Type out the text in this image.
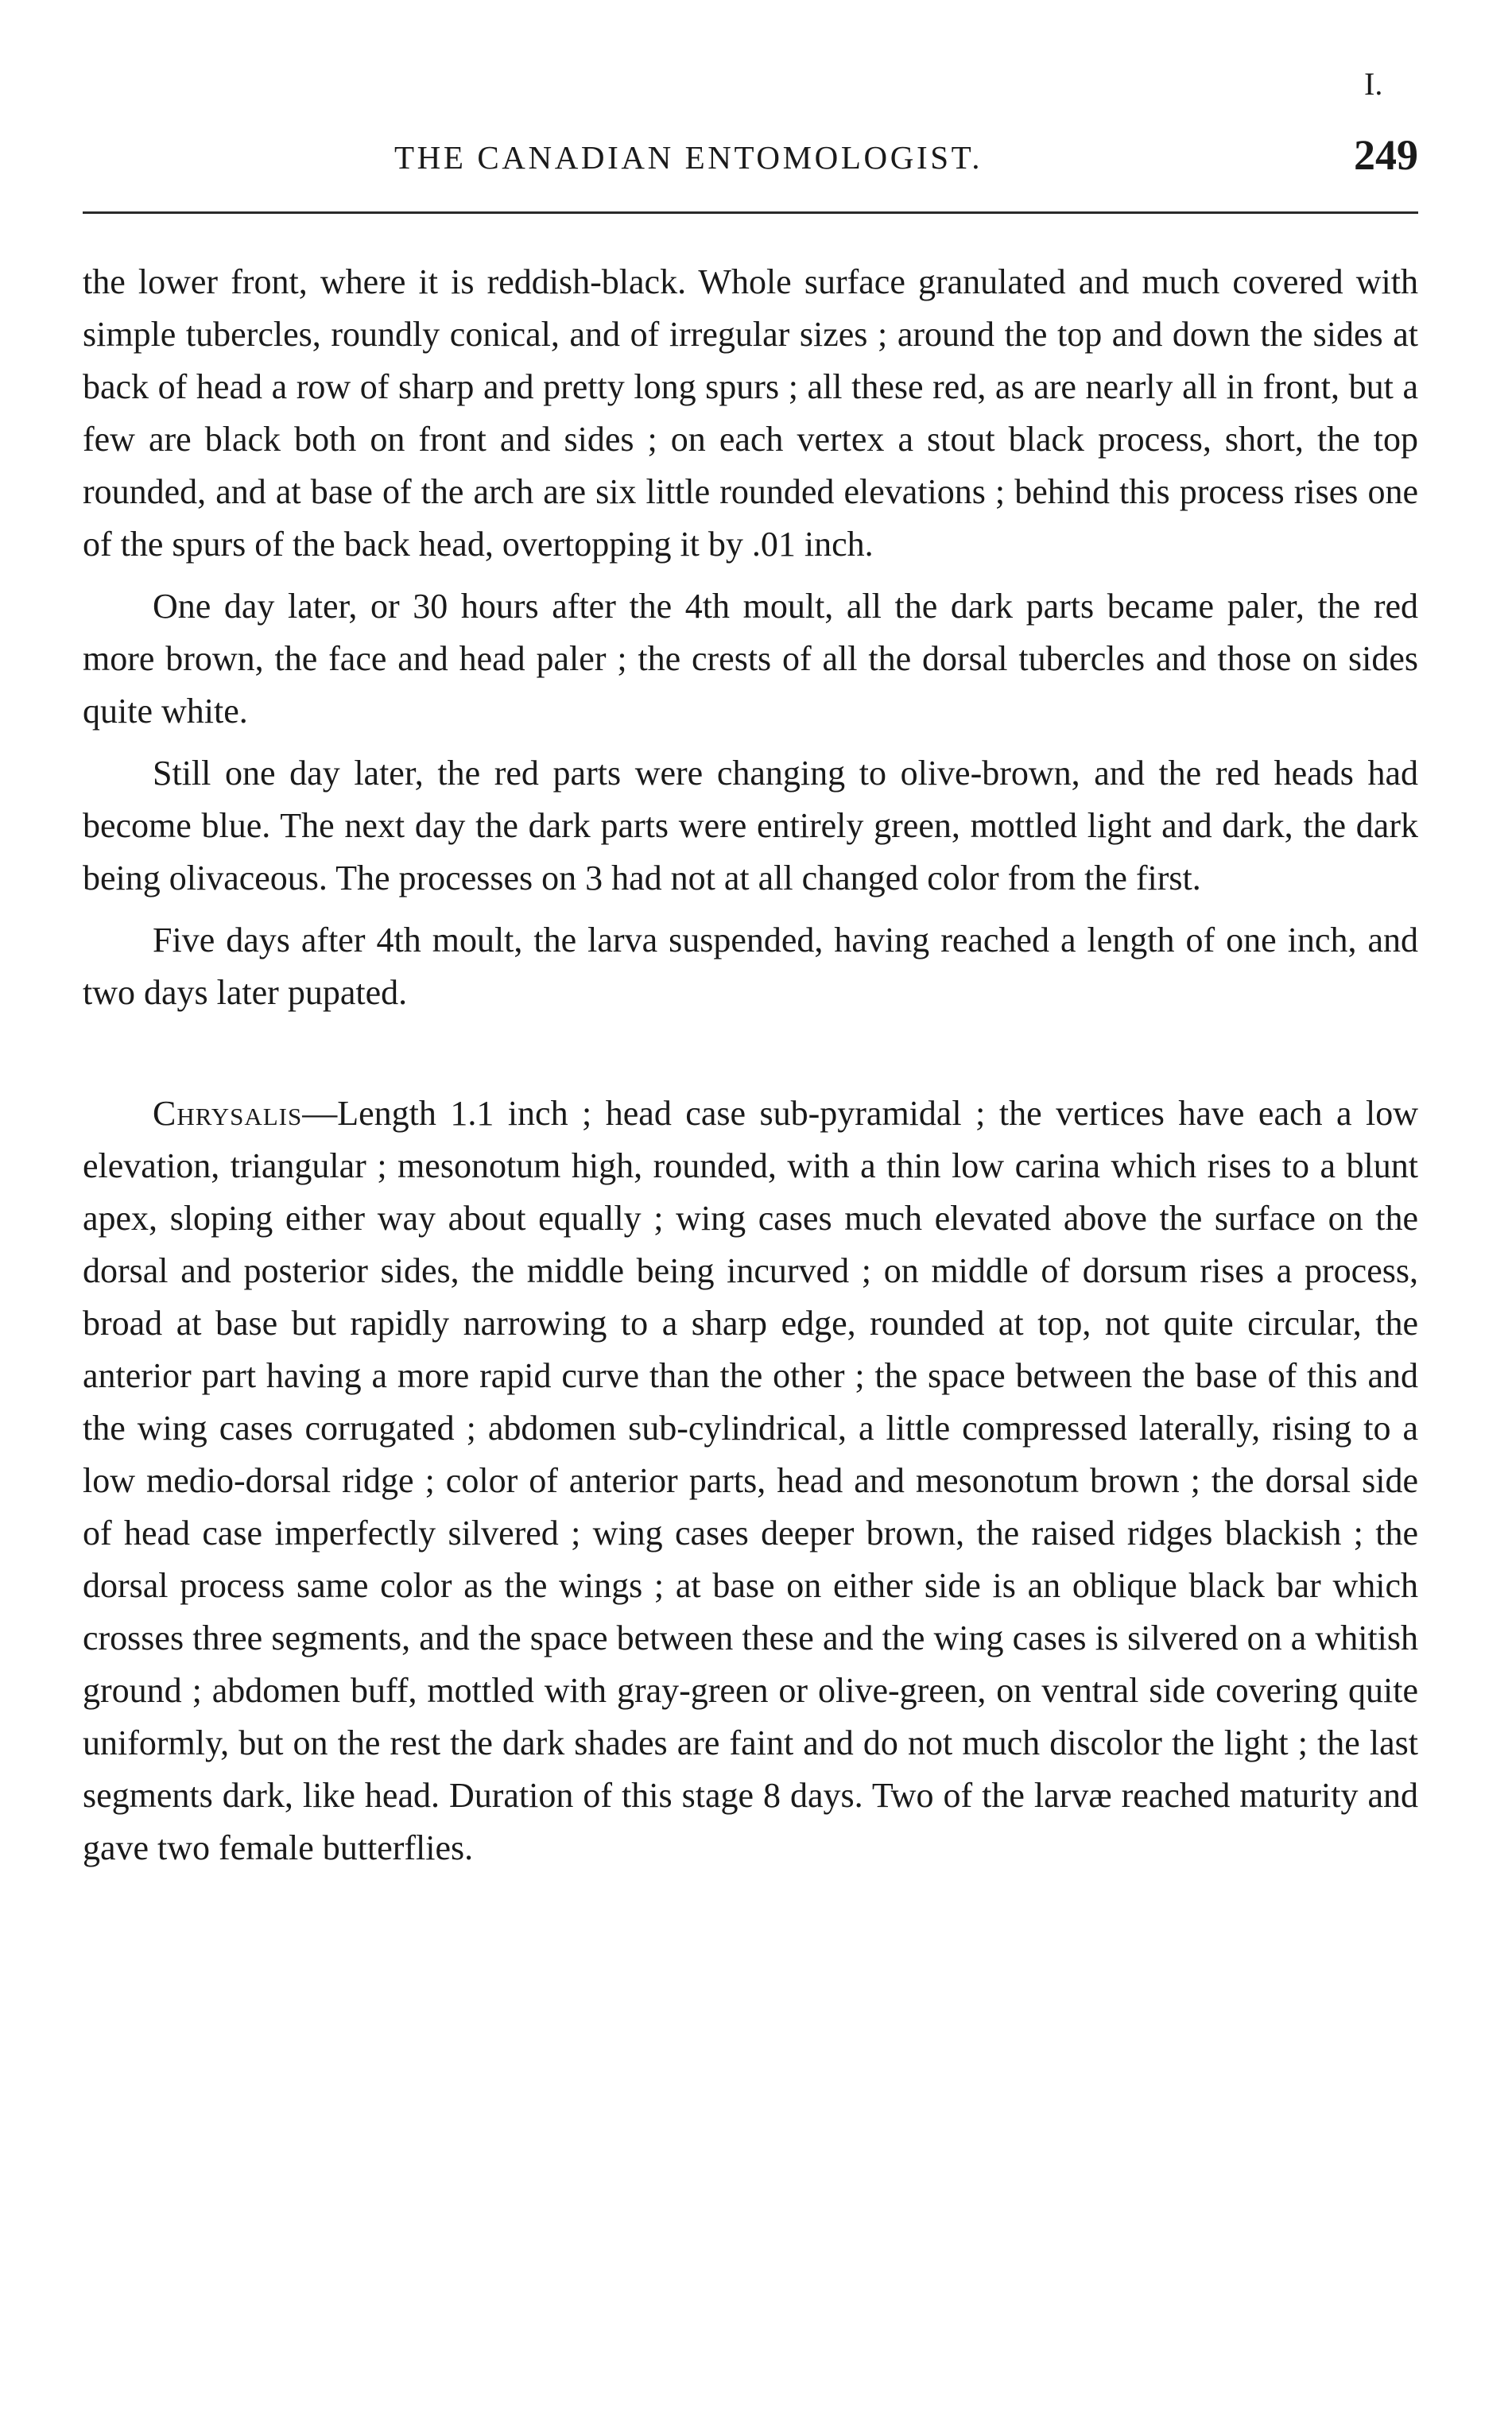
I.
THE CANADIAN ENTOMOLOGIST.	249

the lower front, where it is reddish-black. Whole surface granulated and much covered with simple tubercles, roundly conical, and of irregular sizes ; around the top and down the sides at back of head a row of sharp and pretty long spurs ; all these red, as are nearly all in front, but a few are black both on front and sides ; on each vertex a stout black process, short, the top rounded, and at base of the arch are six little rounded elevations ; behind this process rises one of the spurs of the back head, overtopping it by .01 inch.

One day later, or 30 hours after the 4th moult, all the dark parts became paler, the red more brown, the face and head paler ; the crests of all the dorsal tubercles and those on sides quite white.

Still one day later, the red parts were changing to olive-brown, and the red heads had become blue. The next day the dark parts were entirely green, mottled light and dark, the dark being olivaceous. The processes on 3 had not at all changed color from the first.

Five days after 4th moult, the larva suspended, having reached a length of one inch, and two days later pupated.

Chrysalis—Length 1.1 inch ; head case sub-pyramidal ; the vertices have each a low elevation, triangular ; mesonotum high, rounded, with a thin low carina which rises to a blunt apex, sloping either way about equally ; wing cases much elevated above the surface on the dorsal and posterior sides, the middle being incurved ; on middle of dorsum rises a process, broad at base but rapidly narrowing to a sharp edge, rounded at top, not quite circular, the anterior part having a more rapid curve than the other ; the space between the base of this and the wing cases corrugated ; abdomen sub-cylindrical, a little compressed laterally, rising to a low medio-dorsal ridge ; color of anterior parts, head and mesonotum brown ; the dorsal side of head case imperfectly silvered ; wing cases deeper brown, the raised ridges blackish ; the dorsal process same color as the wings ; at base on either side is an oblique black bar which crosses three segments, and the space between these and the wing cases is silvered on a whitish ground ; abdomen buff, mottled with gray-green or olive-green, on ventral side covering quite uniformly, but on the rest the dark shades are faint and do not much discolor the light ; the last segments dark, like head. Duration of this stage 8 days. Two of the larvæ reached maturity and gave two female butterflies.
